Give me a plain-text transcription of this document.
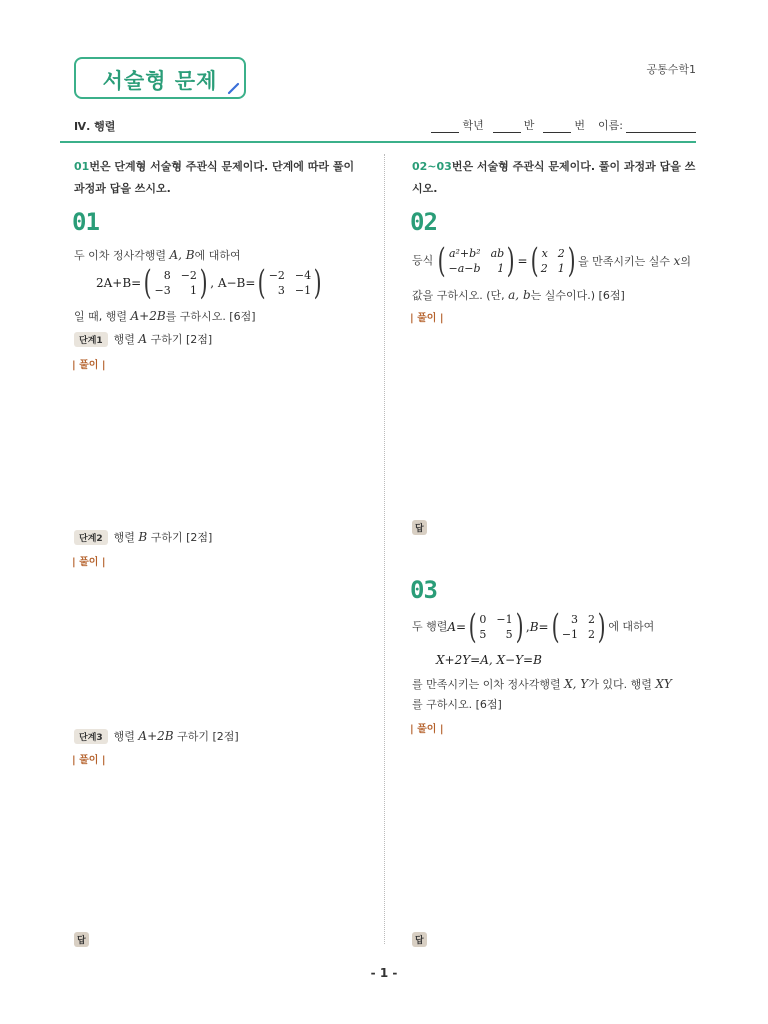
서술형 문제	공통수학1
Ⅳ. 행렬	학년	반	번 이름:
01번은 단계형 서술형 주관식 문제이다. 단계에 따라 풀이
과정과 답을 쓰시오.
01
두 이차 정사각행렬 A, B에 대하여
2A+B= (	8 −2
−3	1 ) , A−B= ( −2 −4
3 −1 )
일 때, 행렬 A+2B를 구하시오. [6점]
단계1	행렬 A 구하기 [2점]
| 풀이 |
단계2	행렬 B 구하기 [2점]
| 풀이 |
단계3	행렬 A+2B 구하기 [2점]
| 풀이 |
답
02~03번은 서술형 주관식 문제이다. 풀이 과정과 답을 쓰
시오.
02
등식 ( a²+b² ab
−a−b	1 ) = ( x 2
2 1 ) 을 만족시키는 실수 x의
값을 구하시오. (단, a, b는 실수이다.) [6점]
| 풀이 |
답
03
두 행렬 A= ( 0 −1
5	5 ) , B= (	3 2
−1 2 ) 에 대하여
X+2Y=A, X−Y=B
를 만족시키는 이차 정사각행렬 X, Y가 있다. 행렬 XY
를 구하시오. [6점]
| 풀이 |
답
- 1 -
